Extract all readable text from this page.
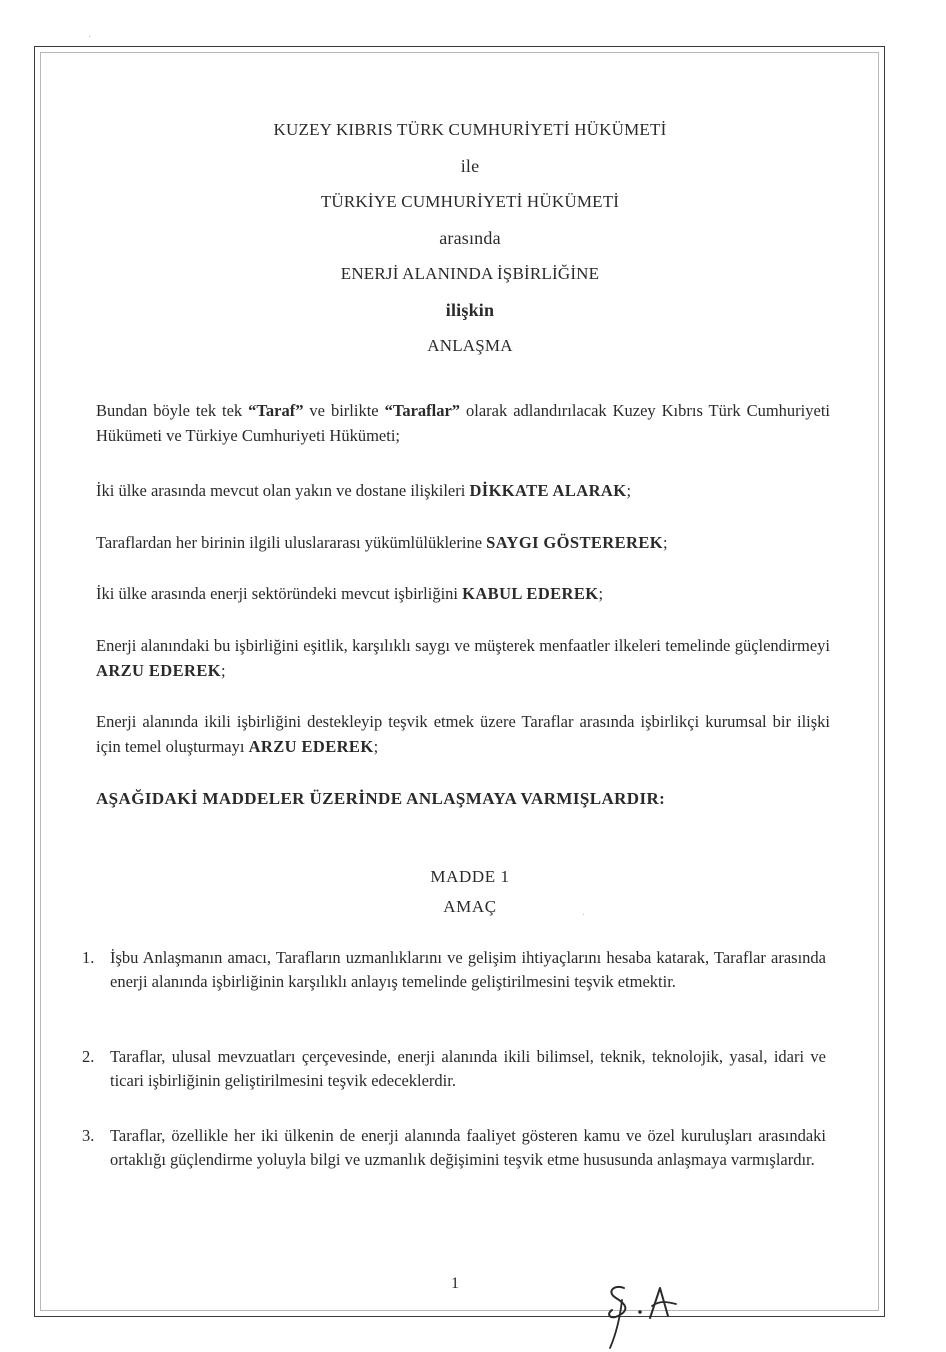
·
·
KUZEY KIBRIS TÜRK CUMHURİYETİ HÜKÜMETİ
ile
TÜRKİYE CUMHURİYETİ HÜKÜMETİ
arasında
ENERJİ ALANINDA İŞBİRLİĞİNE
ilişkin
ANLAŞMA
Bundan böyle tek tek “Taraf” ve birlikte “Taraflar” olarak adlandırılacak Kuzey Kıbrıs Türk Cumhuriyeti Hükümeti ve Türkiye Cumhuriyeti Hükümeti;
İki ülke arasında mevcut olan yakın ve dostane ilişkileri DİKKATE ALARAK;
Taraflardan her birinin ilgili uluslararası yükümlülüklerine SAYGI GÖSTEREREK;
İki ülke arasında enerji sektöründeki mevcut işbirliğini KABUL EDEREK;
Enerji alanındaki bu işbirliğini eşitlik, karşılıklı saygı ve müşterek menfaatler ilkeleri temelinde güçlendirmeyi ARZU EDEREK;
Enerji alanında ikili işbirliğini destekleyip teşvik etmek üzere Taraflar arasında işbirlikçi kurumsal bir ilişki için temel oluşturmayı ARZU EDEREK;
AŞAĞIDAKİ MADDELER ÜZERİNDE ANLAŞMAYA VARMIŞLARDIR:
MADDE 1
AMAÇ
1. İşbu Anlaşmanın amacı, Tarafların uzmanlıklarını ve gelişim ihtiyaçlarını hesaba katarak, Taraflar arasında enerji alanında işbirliğinin karşılıklı anlayış temelinde geliştirilmesini teşvik etmektir.
2. Taraflar, ulusal mevzuatları çerçevesinde, enerji alanında ikili bilimsel, teknik, teknolojik, yasal, idari ve ticari işbirliğinin geliştirilmesini teşvik edeceklerdir.
3. Taraflar, özellikle her iki ülkenin de enerji alanında faaliyet gösteren kamu ve özel kuruluşları arasındaki ortaklığı güçlendirme yoluyla bilgi ve uzmanlık değişimini teşvik etme hususunda anlaşmaya varmışlardır.
1
